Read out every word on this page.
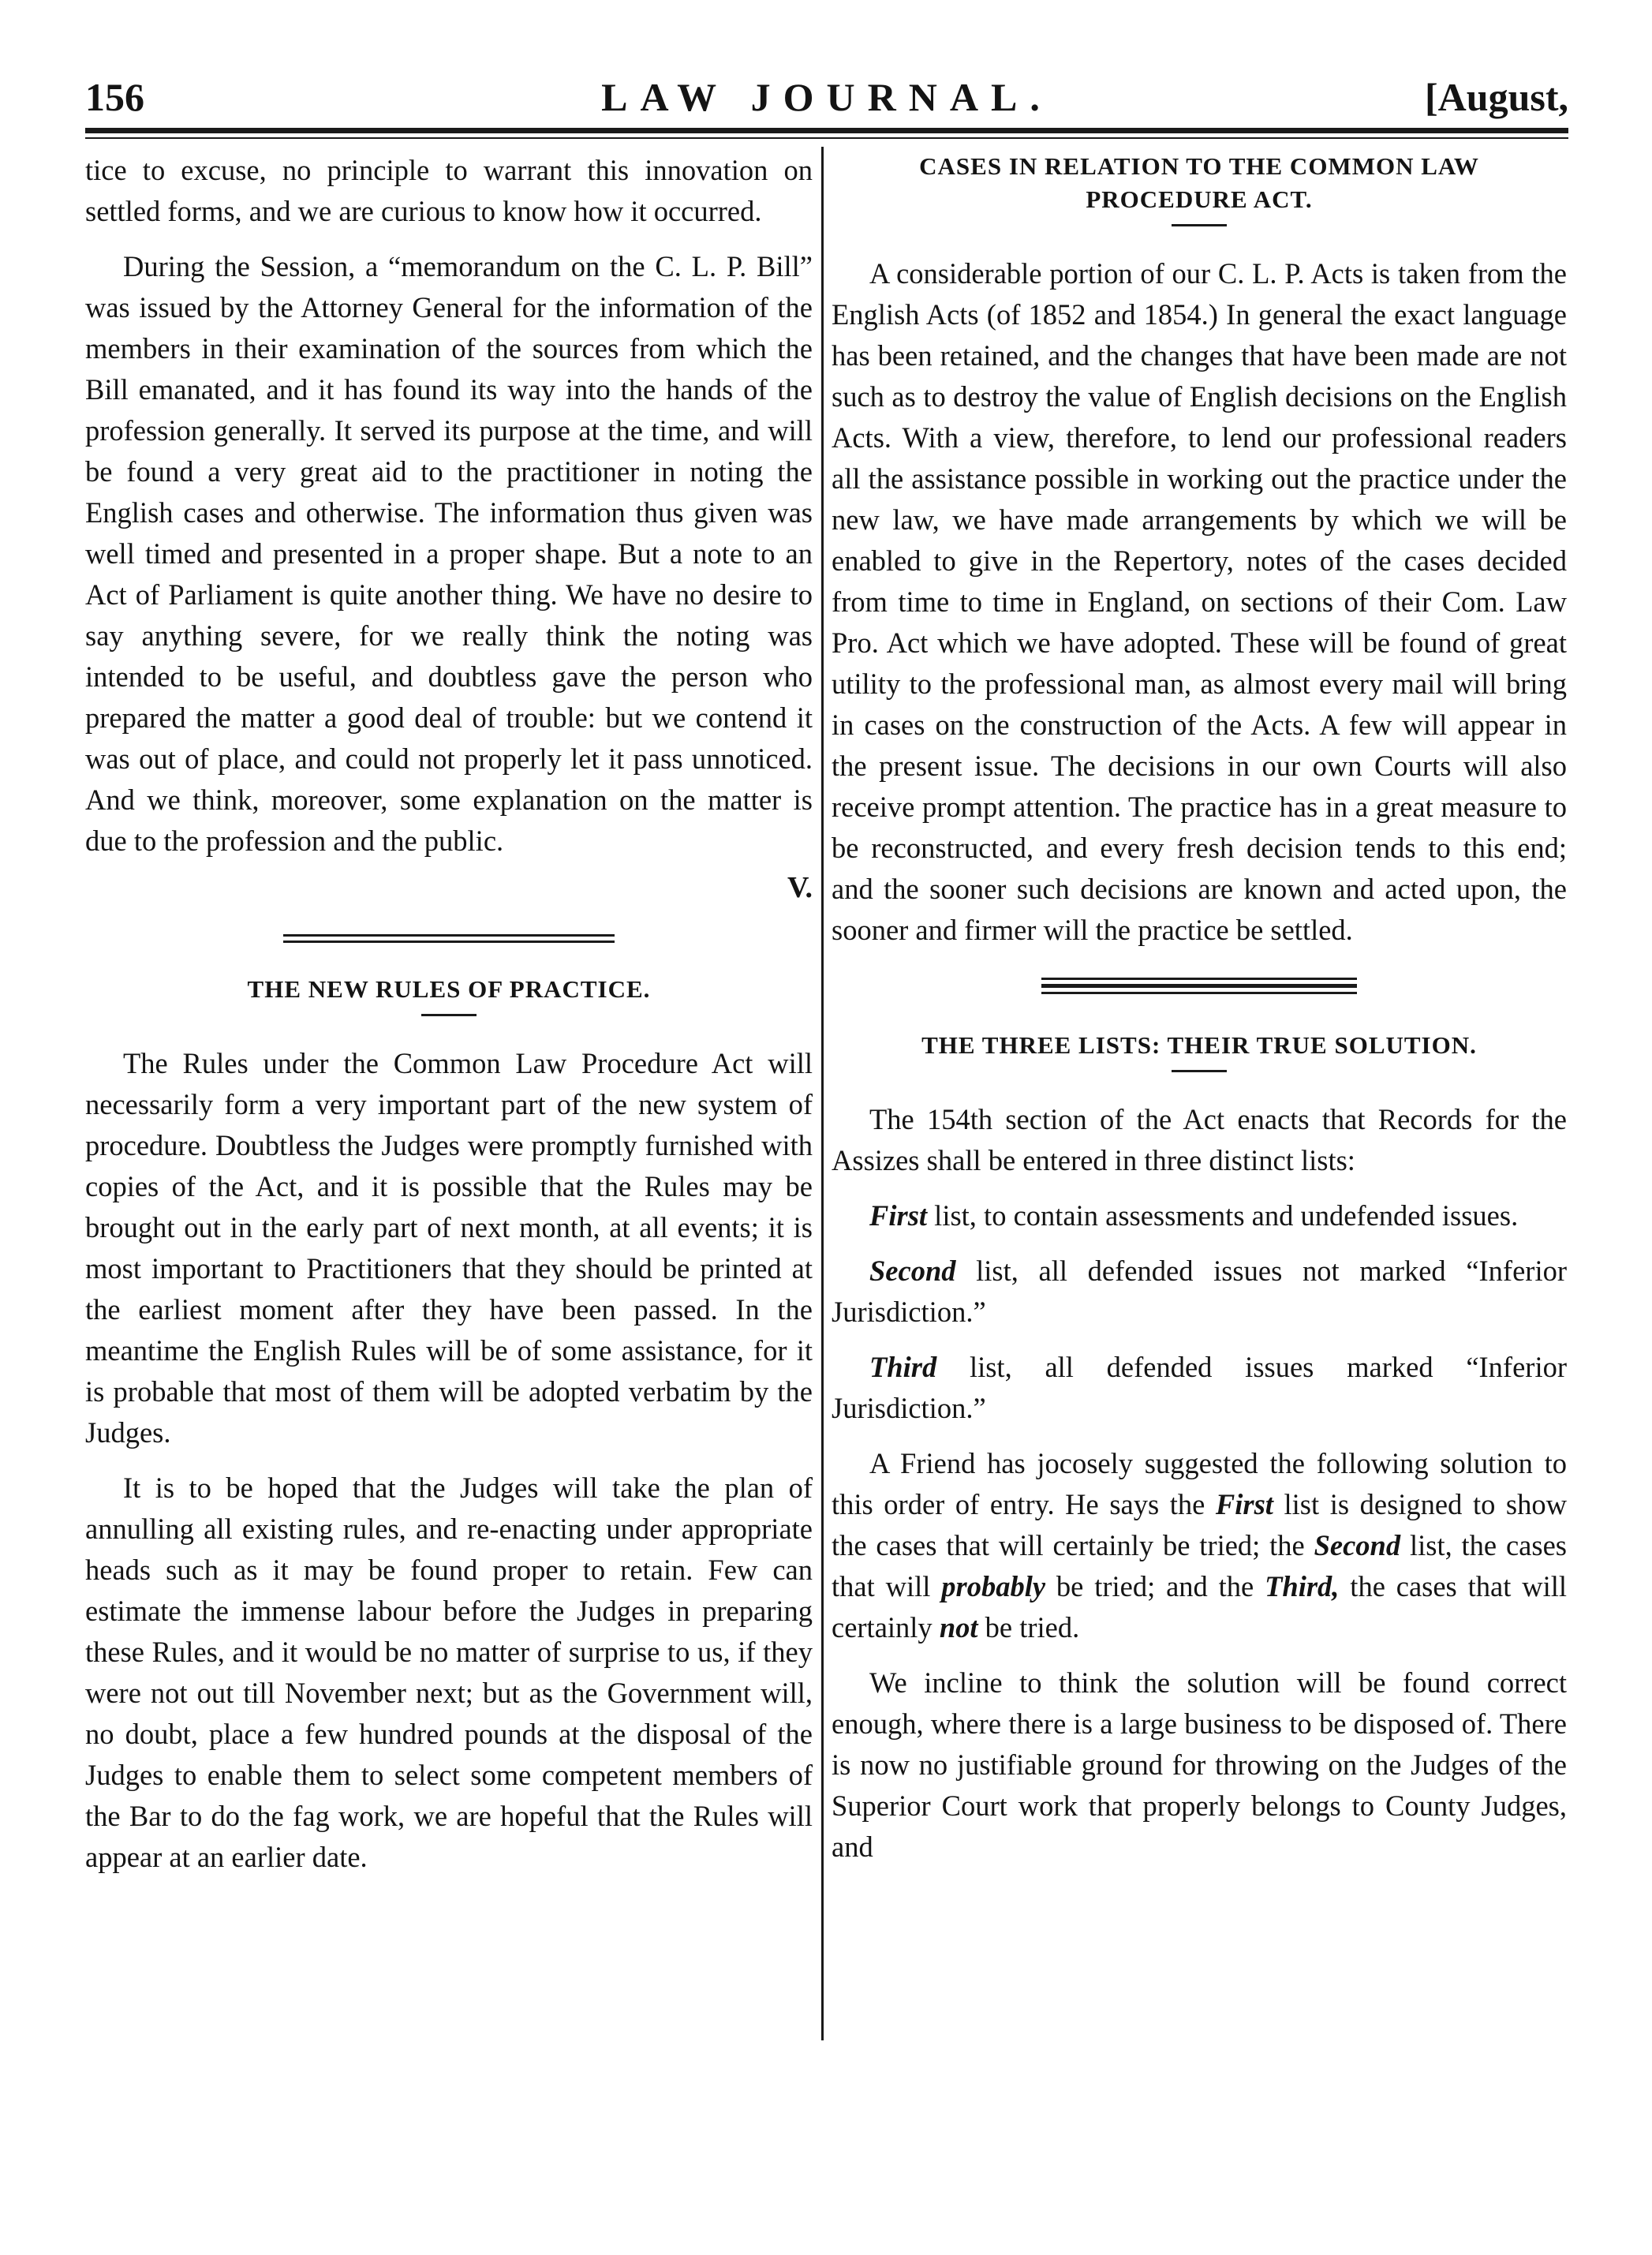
156	LAW JOURNAL.	[August,

tice to excuse, no principle to warrant this innovation on settled forms, and we are curious to know how it occurred.

During the Session, a “memorandum on the C. L. P. Bill” was issued by the Attorney General for the information of the members in their examination of the sources from which the Bill emanated, and it has found its way into the hands of the profession generally. It served its purpose at the time, and will be found a very great aid to the practitioner in noting the English cases and otherwise. The information thus given was well timed and presented in a proper shape. But a note to an Act of Parliament is quite another thing. We have no desire to say anything severe, for we really think the noting was intended to be useful, and doubtless gave the person who prepared the matter a good deal of trouble: but we contend it was out of place, and could not properly let it pass unnoticed. And we think, moreover, some explanation on the matter is due to the profession and the public.

V.
THE NEW RULES OF PRACTICE.

The Rules under the Common Law Procedure Act will necessarily form a very important part of the new system of procedure. Doubtless the Judges were promptly furnished with copies of the Act, and it is possible that the Rules may be brought out in the early part of next month, at all events; it is most important to Practitioners that they should be printed at the earliest moment after they have been passed. In the meantime the English Rules will be of some assistance, for it is probable that most of them will be adopted verbatim by the Judges.

It is to be hoped that the Judges will take the plan of annulling all existing rules, and re-enacting under appropriate heads such as it may be found proper to retain. Few can estimate the immense labour before the Judges in preparing these Rules, and it would be no matter of surprise to us, if they were not out till November next; but as the Government will, no doubt, place a few hundred pounds at the disposal of the Judges to enable them to select some competent members of the Bar to do the fag work, we are hopeful that the Rules will appear at an earlier date.

CASES IN RELATION TO THE COMMON LAW PROCEDURE ACT.

A considerable portion of our C. L. P. Acts is taken from the English Acts (of 1852 and 1854.) In general the exact language has been retained, and the changes that have been made are not such as to destroy the value of English decisions on the English Acts. With a view, therefore, to lend our professional readers all the assistance possible in working out the practice under the new law, we have made arrangements by which we will be enabled to give in the Repertory, notes of the cases decided from time to time in England, on sections of their Com. Law Pro. Act which we have adopted. These will be found of great utility to the professional man, as almost every mail will bring in cases on the construction of the Acts. A few will appear in the present issue. The decisions in our own Courts will also receive prompt attention. The practice has in a great measure to be reconstructed, and every fresh decision tends to this end; and the sooner such decisions are known and acted upon, the sooner and firmer will the practice be settled.

THE THREE LISTS: THEIR TRUE SOLUTION.

The 154th section of the Act enacts that Records for the Assizes shall be entered in three distinct lists:

First list, to contain assessments and undefended issues.

Second list, all defended issues not marked “Inferior Jurisdiction.”

Third list, all defended issues marked “Inferior Jurisdiction.”

A Friend has jocosely suggested the following solution to this order of entry. He says the First list is designed to show the cases that will certainly be tried; the Second list, the cases that will probably be tried; and the Third, the cases that will certainly not be tried.

We incline to think the solution will be found correct enough, where there is a large business to be disposed of. There is now no justifiable ground for throwing on the Judges of the Superior Court work that properly belongs to County Judges, and
